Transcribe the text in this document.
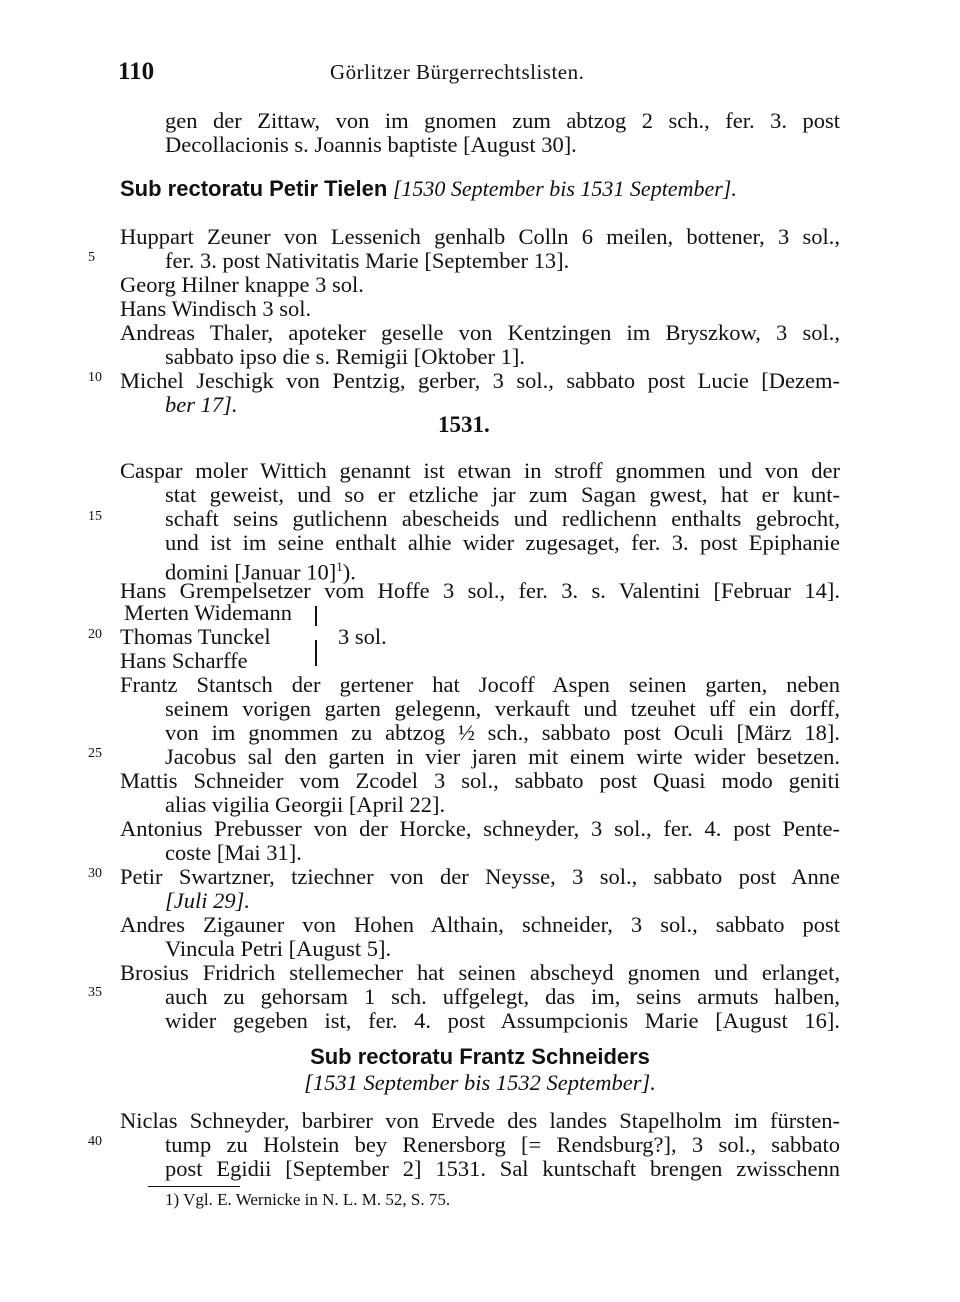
110	Görlitzer Bürgerrechtslisten.
gen der Zittaw, von im gnomen zum abtzog 2 sch., fer. 3. post
Decollacionis s. Joannis baptiste [August 30].
Sub rectoratu Petir Tielen [1530 September bis 1531 September].
Huppart Zeuner von Lessenich genhalb Colln 6 meilen, bottener, 3 sol.,
fer. 3. post Nativitatis Marie [September 13].
Georg Hilner knappe 3 sol.
Hans Windisch 3 sol.
Andreas Thaler, apoteker geselle von Kentzingen im Bryszkow, 3 sol.,
sabbato ipso die s. Remigii [Oktober 1].
Michel Jeschigk von Pentzig, gerber, 3 sol., sabbato post Lucie [Dezem-
ber 17].
1531.
Caspar moler Wittich genannt ist etwan in stroff gnommen und von der
stat geweist, und so er etzliche jar zum Sagan gwest, hat er kunt-
schaft seins gutlichenn abescheids und redlichenn enthalts gebrocht,
und ist im seine enthalt alhie wider zugesaget, fer. 3. post Epiphanie
domini [Januar 10]$^1$).
Hans Grempelsetzer vom Hoffe 3 sol., fer. 3. s. Valentini [Februar 14].
Merten Widemann
Thomas Tunckel	3 sol.
Hans Scharffe
Frantz Stantsch der gertener hat Jocoff Aspen seinen garten, neben
seinem vorigen garten gelegenn, verkauft und tzeuhet uff ein dorff,
von im gnommen zu abtzog ½ sch., sabbato post Oculi [März 18].
Jacobus sal den garten in vier jaren mit einem wirte wider besetzen.
Mattis Schneider vom Zcodel 3 sol., sabbato post Quasi modo geniti
alias vigilia Georgii [April 22].
Antonius Prebusser von der Horcke, schneyder, 3 sol., fer. 4. post Pente-
coste [Mai 31].
Petir Swartzner, tziechner von der Neysse, 3 sol., sabbato post Anne
[Juli 29].
Andres Zigauner von Hohen Althain, schneider, 3 sol., sabbato post
Vincula Petri [August 5].
Brosius Fridrich stellemecher hat seinen abscheyd gnomen und erlanget,
auch zu gehorsam 1 sch. uffgelegt, das im, seins armuts halben,
wider gegeben ist, fer. 4. post Assumpcionis Marie [August 16].
Sub rectoratu Frantz Schneiders
[1531 September bis 1532 September].
Niclas Schneyder, barbirer von Ervede des landes Stapelholm im fürsten-
tump zu Holstein bey Renersborg [= Rendsburg?], 3 sol., sabbato
post Egidii [September 2] 1531. Sal kuntschaft brengen zwisschenn
5
10
15
20
25
30
35
40
1) Vgl. E. Wernicke in N. L. M. 52, S. 75.
